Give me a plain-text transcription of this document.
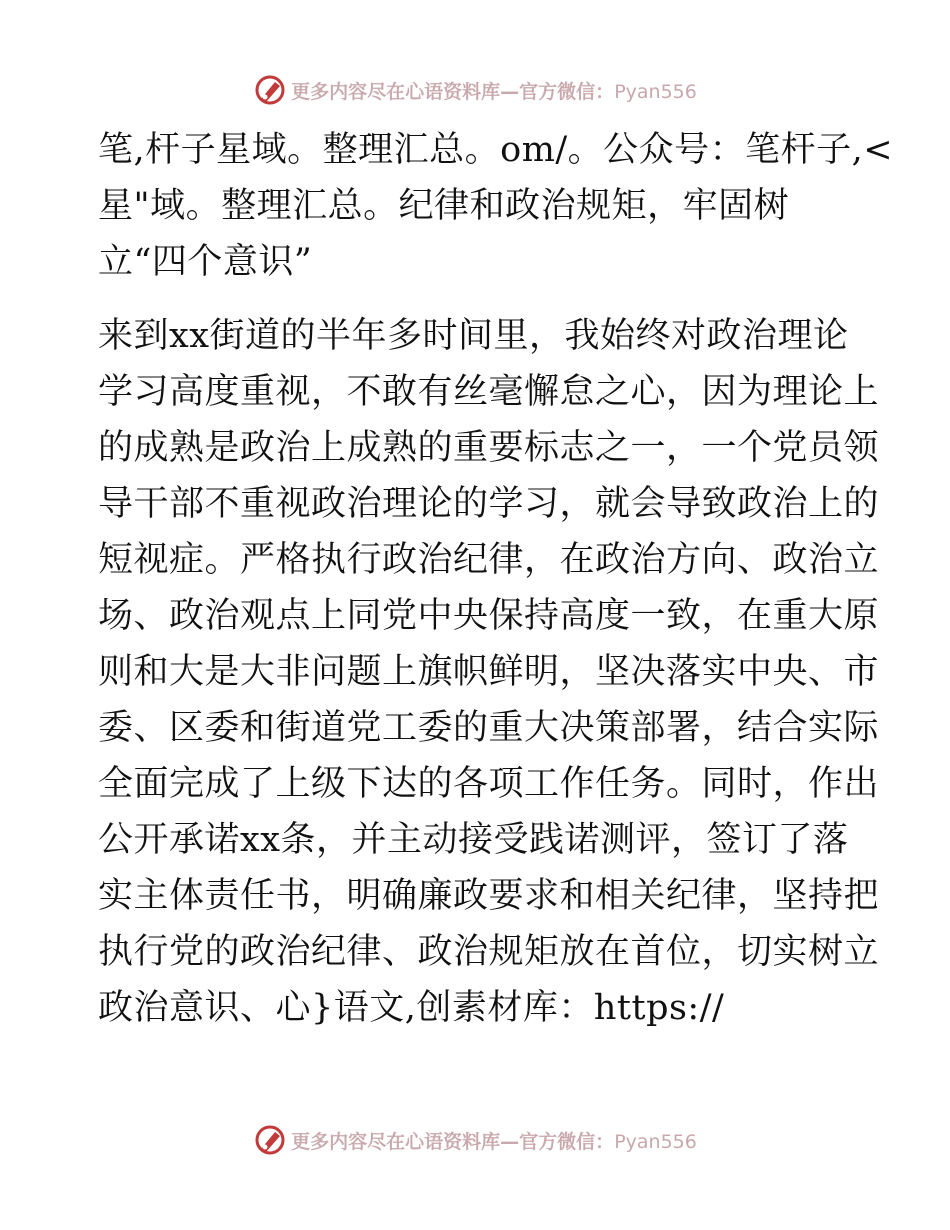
更多内容尽在心语资料库—官方微信：Pyan556
笔,杆子星域。整理汇总。om/。公众号：笔杆子,<
星"域。整理汇总。纪律和政治规矩，牢固树
立“四个意识”
来到xx街道的半年多时间里，我始终对政治理论
学习高度重视，不敢有丝毫懈怠之心，因为理论上
的成熟是政治上成熟的重要标志之一，一个党员领
导干部不重视政治理论的学习，就会导致政治上的
短视症。严格执行政治纪律，在政治方向、政治立
场、政治观点上同党中央保持高度一致，在重大原
则和大是大非问题上旗帜鲜明，坚决落实中央、市
委、区委和街道党工委的重大决策部署，结合实际
全面完成了上级下达的各项工作任务。同时，作出
公开承诺xx条，并主动接受践诺测评，签订了落
实主体责任书，明确廉政要求和相关纪律，坚持把
执行党的政治纪律、政治规矩放在首位，切实树立
政治意识、心}语文,创素材库：https://
更多内容尽在心语资料库—官方微信：Pyan556
